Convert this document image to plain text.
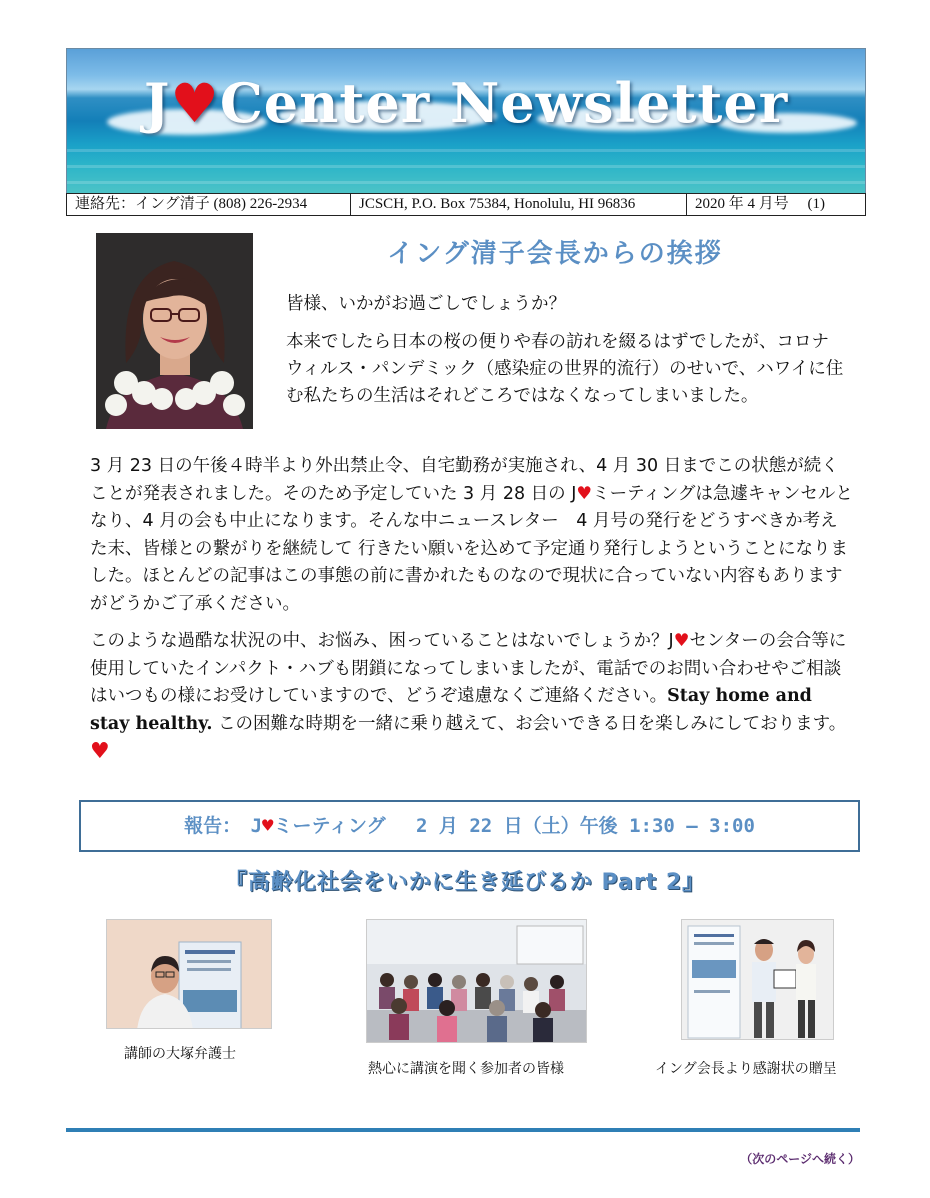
J♥Center Newsletter
連絡先：イング清子 (808) 226-2934	JCSCH, P.O. Box 75384, Honolulu, HI 96836	2020 年 4 月号　 (1)
イング清子会長からの挨拶
皆様、いかがお過ごしでしょうか？
本来でしたら日本の桜の便りや春の訪れを綴るはずでしたが、コロナウィルス・パンデミック（感染症の世界的流行）のせいで、ハワイに住む私たちの生活はそれどころではなくなってしまいました。
3 月 23 日の午後４時半より外出禁止令、自宅勤務が実施され、4 月 30 日までこの状態が続くことが発表されました。そのため予定していた 3 月 28 日の J♥ミーティングは急遽キャンセルとなり、4 月の会も中止になります。そんな中ニュースレター　4 月号の発行をどうすべきか考えた末、皆様との繋がりを継続して 行きたい願いを込めて予定通り発行しようということになりました。ほとんどの記事はこの事態の前に書かれたものなので現状に合っていない内容もありますがどうかご了承ください。
このような過酷な状況の中、お悩み、困っていることはないでしょうか？J♥センターの会合等に使用していたインパクト・ハブも閉鎖になってしまいましたが、電話でのお問い合わせやご相談はいつもの様にお受けしていますので、どうぞ遠慮なくご連絡ください。Stay home and stay healthy. この困難な時期を一緒に乗り越えて、お会いできる日を楽しみにしております。 ♥
報告：　J♥ミーティング　 2 月 22 日（土）午後 1:30 – 3:00
『高齢化社会をいかに生き延びるか Part 2』
講師の大塚弁護士
熱心に講演を聞く参加者の皆様	イング会長より感謝状の贈呈
（次のページへ続く）
